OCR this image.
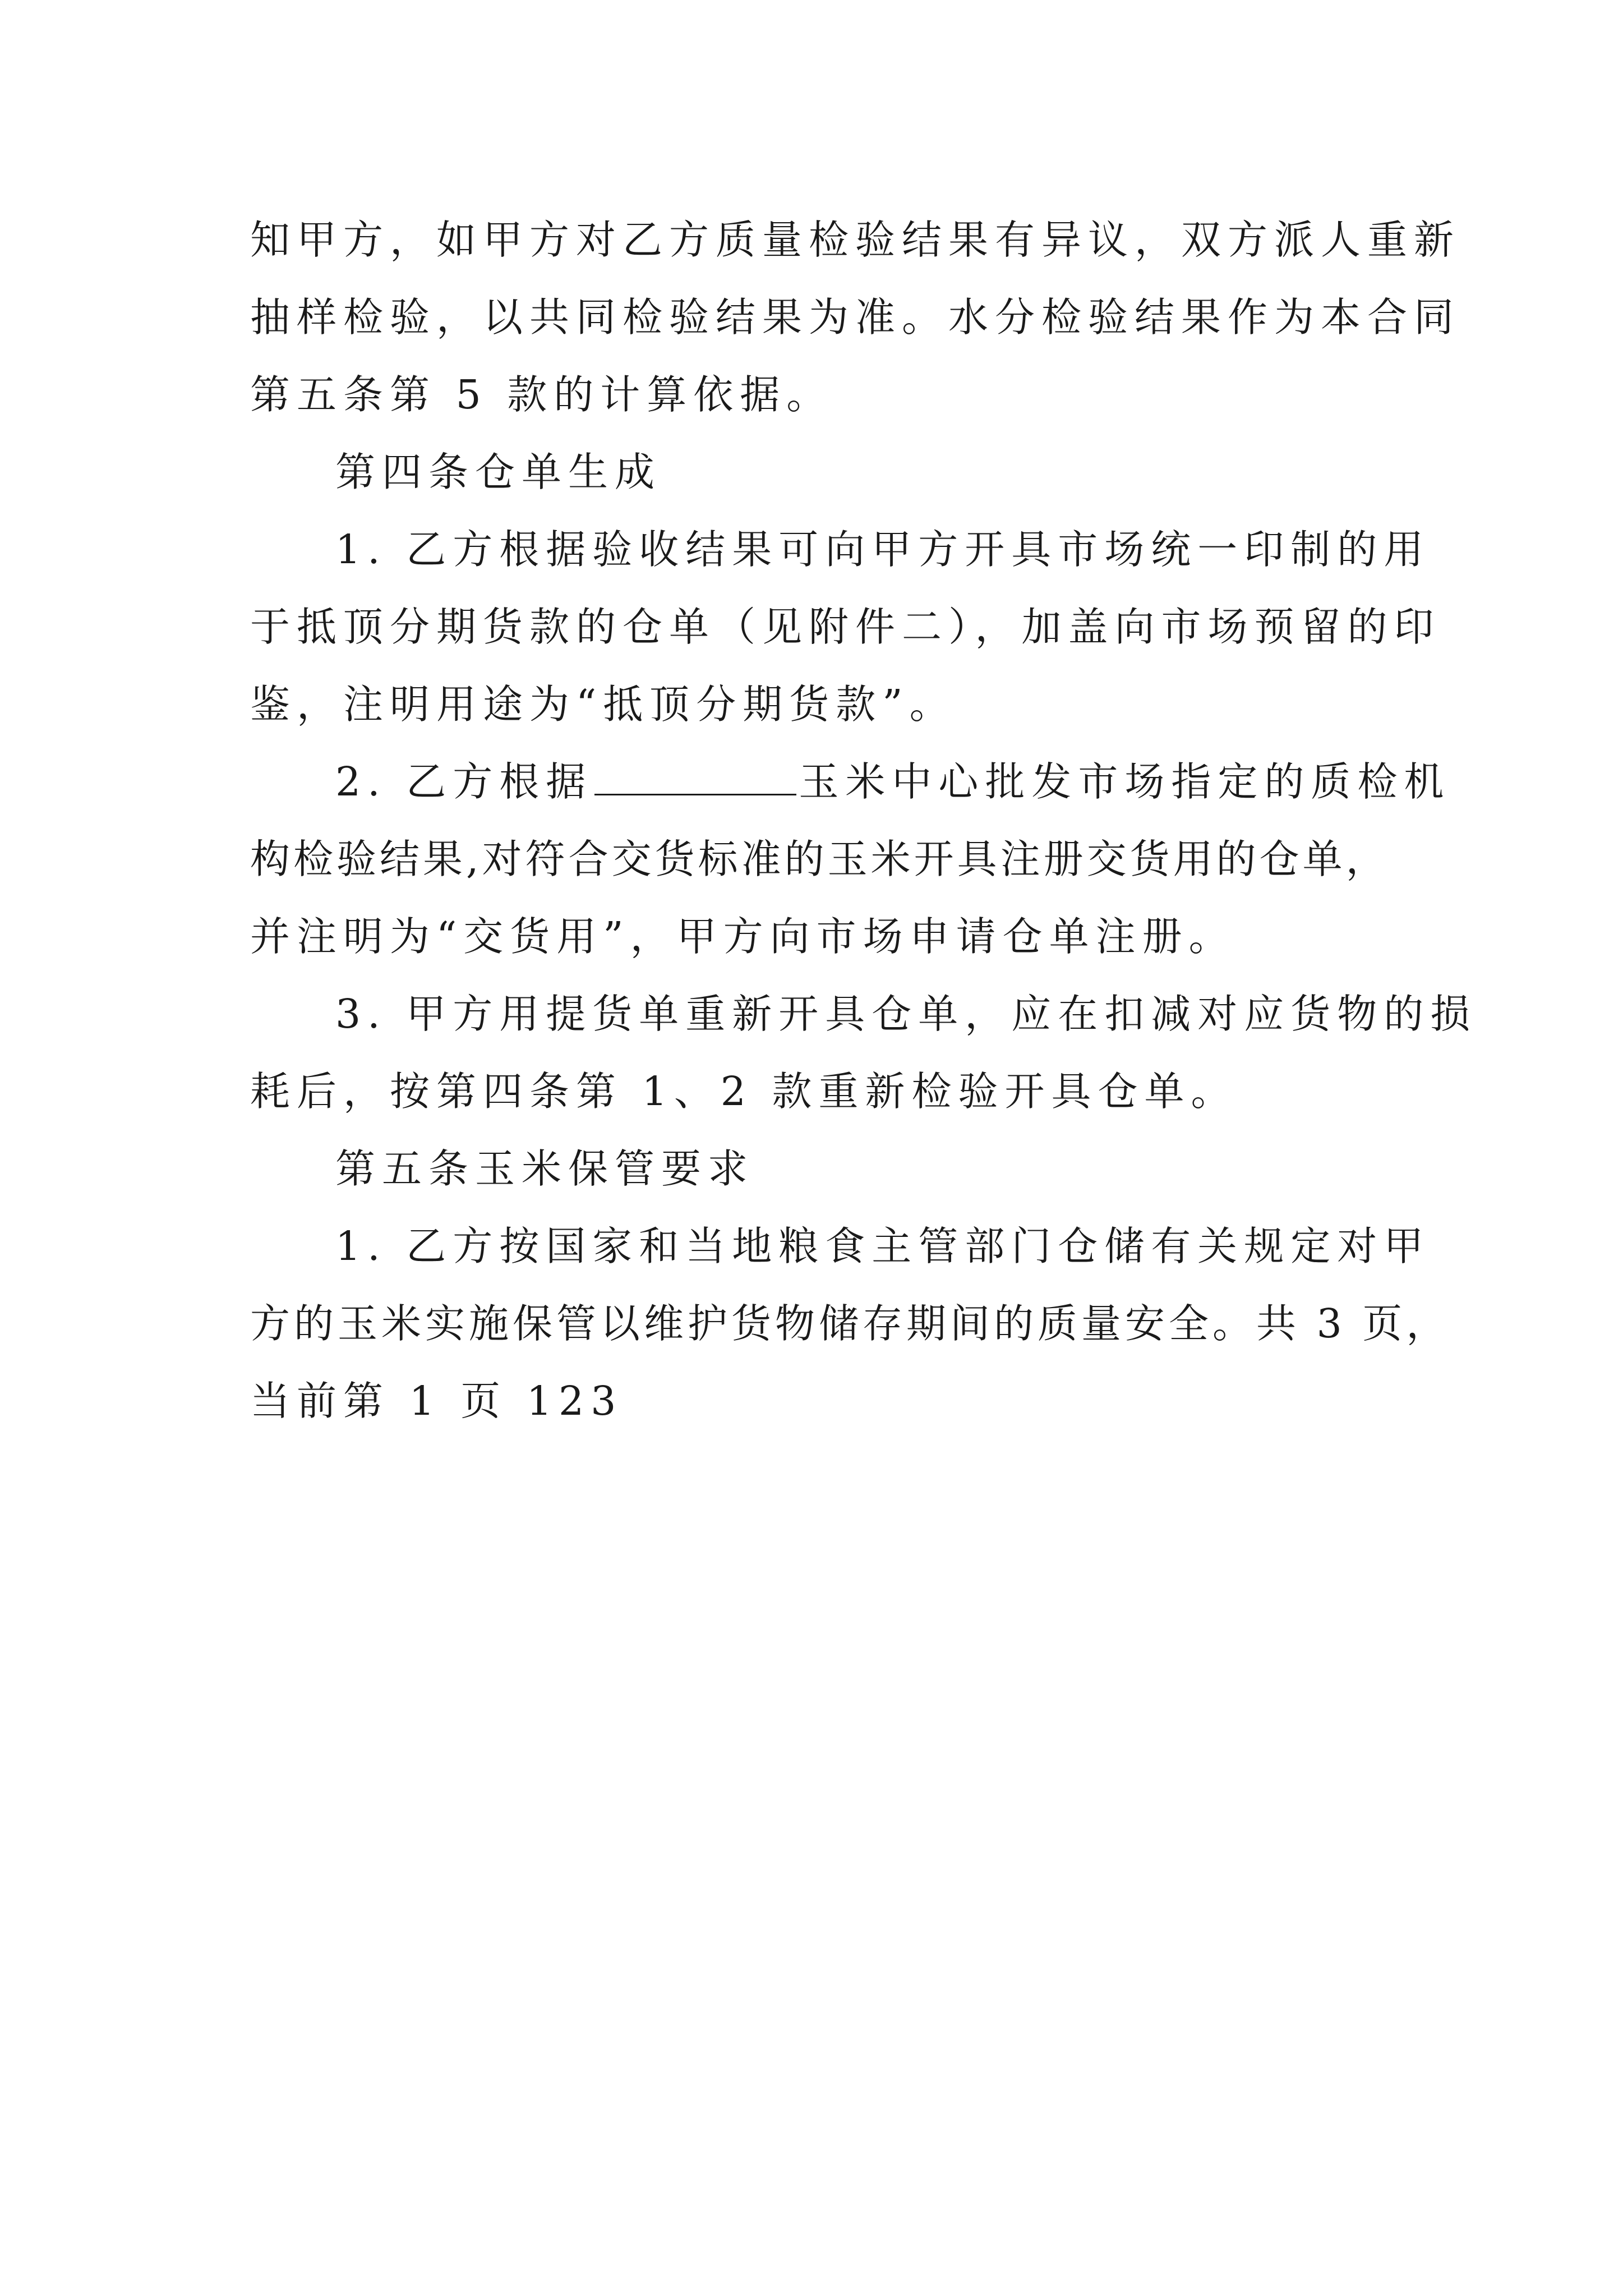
知甲方，如甲方对乙方质量检验结果有异议，双方派人重新
抽样检验，以共同检验结果为准。水分检验结果作为本合同
第五条第 5 款的计算依据。
第四条仓单生成
1. 乙方根据验收结果可向甲方开具市场统一印制的用
于抵顶分期货款的仓单（见附件二），加盖向市场预留的印
鉴，注明用途为“抵顶分期货款”。
2. 乙方根据	玉米中心批发市场指定的质检机
构检验结果,对符合交货标准的玉米开具注册交货用的仓单，
并注明为“交货用”，甲方向市场申请仓单注册。
3. 甲方用提货单重新开具仓单，应在扣减对应货物的损
耗后，按第四条第 1、2 款重新检验开具仓单。
第五条玉米保管要求
1. 乙方按国家和当地粮食主管部门仓储有关规定对甲
方的玉米实施保管以维护货物储存期间的质量安全。共 3 页，
当前第 1 页 123
